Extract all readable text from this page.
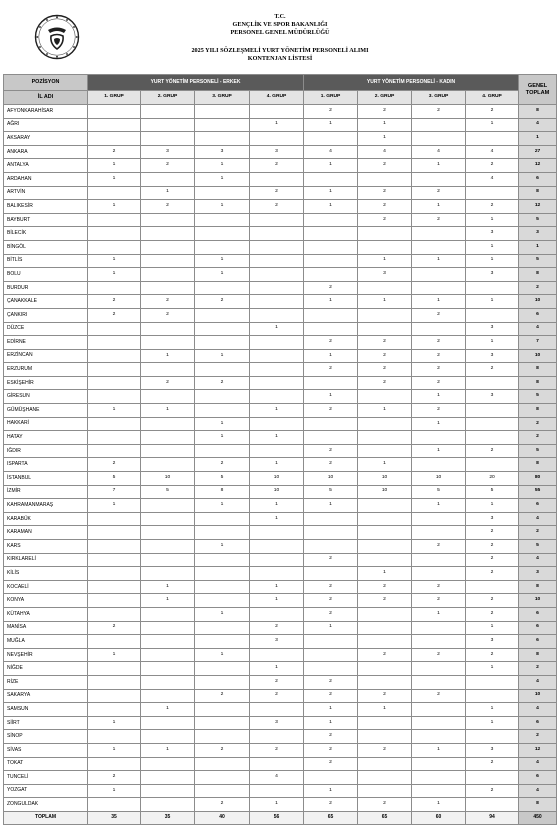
T.C.
GENÇLİK VE SPOR BAKANLIĞI
PERSONEL GENEL MÜDÜRLÜĞÜ
2025 YILI SÖZLEŞMELİ YURT YÖNETİM PERSONELİ ALIMI
KONTENJAN LİSTESİ
POZİSYON	YURT YÖNETİM PERSONELİ - ERKEK				YURT YÖNETİM PERSONELİ - KADIN				GENEL
TOPLAM
İL ADI	1. GRUP	2. GRUP	3. GRUP	4. GRUP	1. GRUP	2. GRUP	3. GRUP	4. GRUP	
AFYONKARAHİSAR					2	2	2	2	8
AĞRI				1	1	1		1	4
AKSARAY						1			1
ANKARA	2	3	3	3	4	4	4	4	27
ANTALYA	1	2	1	2	1	2	1	2	12
ARDAHAN	1		1					4	6
ARTVİN		1		2	1	2	2		8
BALIKESİR	1	2	1	2	1	2	1	2	12
BAYBURT						2	2	1	5
BİLECİK								3	3
BİNGÖL								1	1
BİTLİS	1		1			1	1	1	5
BOLU	1		1			3		3	8
BURDUR					2				2
ÇANAKKALE	2	2	2		1	1	1	1	10
ÇANKIRI	2	2					2		6
DÜZCE				1				3	4
EDİRNE					2	2	2	1	7
ERZİNCAN		1	1		1	2	2	3	10
ERZURUM					2	2	2	2	8
ESKİŞEHİR		2	2			2	2		8
GİRESUN					1		1	3	5
GÜMÜŞHANE	1	1		1	2	1	2		8
HAKKARİ			1				1		2
HATAY			1	1					2
IĞDIR					2		1	2	5
ISPARTA	2		2	1	2	1			8
İSTANBUL	5	10	5	10	10	10	10	20	80
İZMİR	7	5	8	10	5	10	5	5	55
KAHRAMANMARAŞ	1		1	1	1		1	1	6
KARABÜK				1				3	4
KARAMAN								2	2
KARS			1				2	2	5
KIRKLARELİ					2			2	4
KİLİS						1		2	3
KOCAELİ		1		1	2	2	2		8
KONYA		1		1	2	2	2	2	10
KÜTAHYA			1		2		1	2	6
MANİSA	2			2	1			1	6
MUĞLA				3				3	6
NEVŞEHİR	1		1			2	2	2	8
NİĞDE				1				1	2
RİZE				2	2				4
SAKARYA			2	2	2	2	2		10
SAMSUN		1			1	1		1	4
SİİRT	1			3	1			1	6
SİNOP					2				2
SİVAS	1	1	2	2	2	2	1	3	12
TOKAT					2			2	4
TUNCELİ	2			4					6
YOZGAT	1				1			2	4
ZONGULDAK			2	1	2	2	1		8
TOPLAM	35	35	40	56	65	65	60	94	450
